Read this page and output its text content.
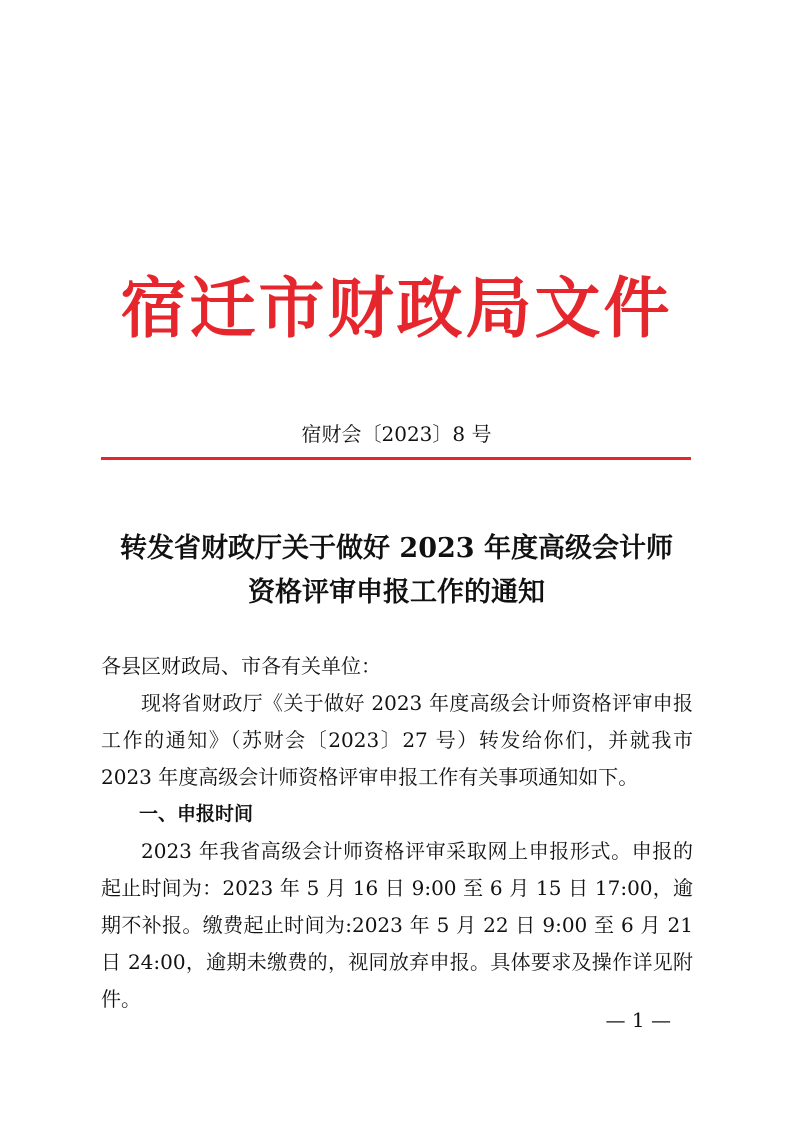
宿迁市财政局文件
宿财会〔2023〕8 号
转发省财政厅关于做好 2023 年度高级会计师
资格评审申报工作的通知

各县区财政局、市各有关单位：

现将省财政厅《关于做好 2023 年度高级会计师资格评审申报工作的通知》（苏财会〔2023〕27 号）转发给你们，并就我市 2023 年度高级会计师资格评审申报工作有关事项通知如下。

一、申报时间

2023 年我省高级会计师资格评审采取网上申报形式。申报的起止时间为：2023 年 5 月 16 日 9:00 至 6 月 15 日 17:00，逾期不补报。缴费起止时间为:2023 年 5 月 22 日 9:00 至 6 月 21 日 24:00，逾期未缴费的，视同放弃申报。具体要求及操作详见附件。

— 1 —
